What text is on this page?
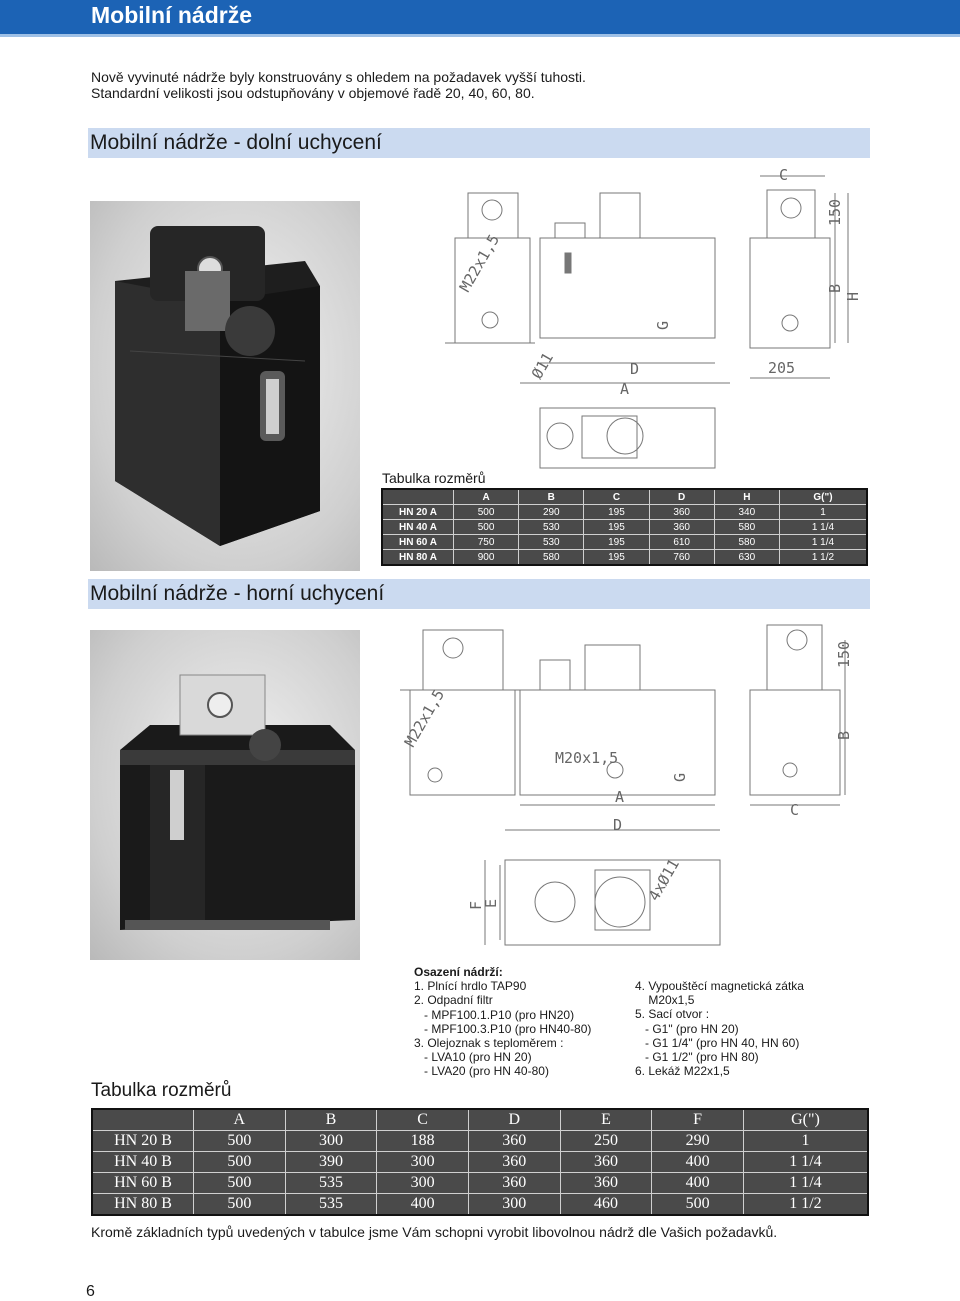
Mobilní nádrže

Nově vyvinuté nádrže byly konstruovány s ohledem na požadavek vyšší tuhosti.

Standardní velikosti jsou odstupňovány v objemové řadě 20, 40, 60, 80.

Mobilní nádrže - dolní uchycení
C
150
B
H
G
D
A
205
M22x1,5
Ø11
Tabulka rozměrů
	A	B	C	D	H	G(")
HN 20 A	500	290	195	360	340	1
HN 40 A	500	530	195	360	580	1 1/4
HN 60 A	750	530	195	610	580	1 1/4
HN 80 A	900	580	195	760	630	1 1/2
Mobilní nádrže - horní uchycení
150
B
M22x1,5
M20x1,5
G
A
C
D
F
E	4xØ11
Osazení nádrží:
1. Plnící hrdlo TAP90
2. Odpadní filtr
- MPF100.1.P10 (pro HN20)
- MPF100.3.P10 (pro HN40-80)
3. Olejoznak s teploměrem :
- LVA10 (pro HN 20)
- LVA20 (pro HN 40-80)
4. Vypouštěcí magnetická zátka
M20x1,5
5. Sací otvor :
- G1" (pro HN 20)
- G1 1/4" (pro HN 40, HN 60)
- G1 1/2" (pro HN 80)
6. Lekáž M22x1,5
Tabulka rozměrů
	A	B	C	D	E	F	G(")
HN 20 B	500	300	188	360	250	290	1
HN 40 B	500	390	300	360	360	400	1 1/4
HN 60 B	500	535	300	360	360	400	1 1/4
HN 80 B	500	535	400	300	460	500	1 1/2
Kromě základních typů uvedených v tabulce jsme Vám schopni vyrobit libovolnou nádrž dle Vašich požadavků.
6
